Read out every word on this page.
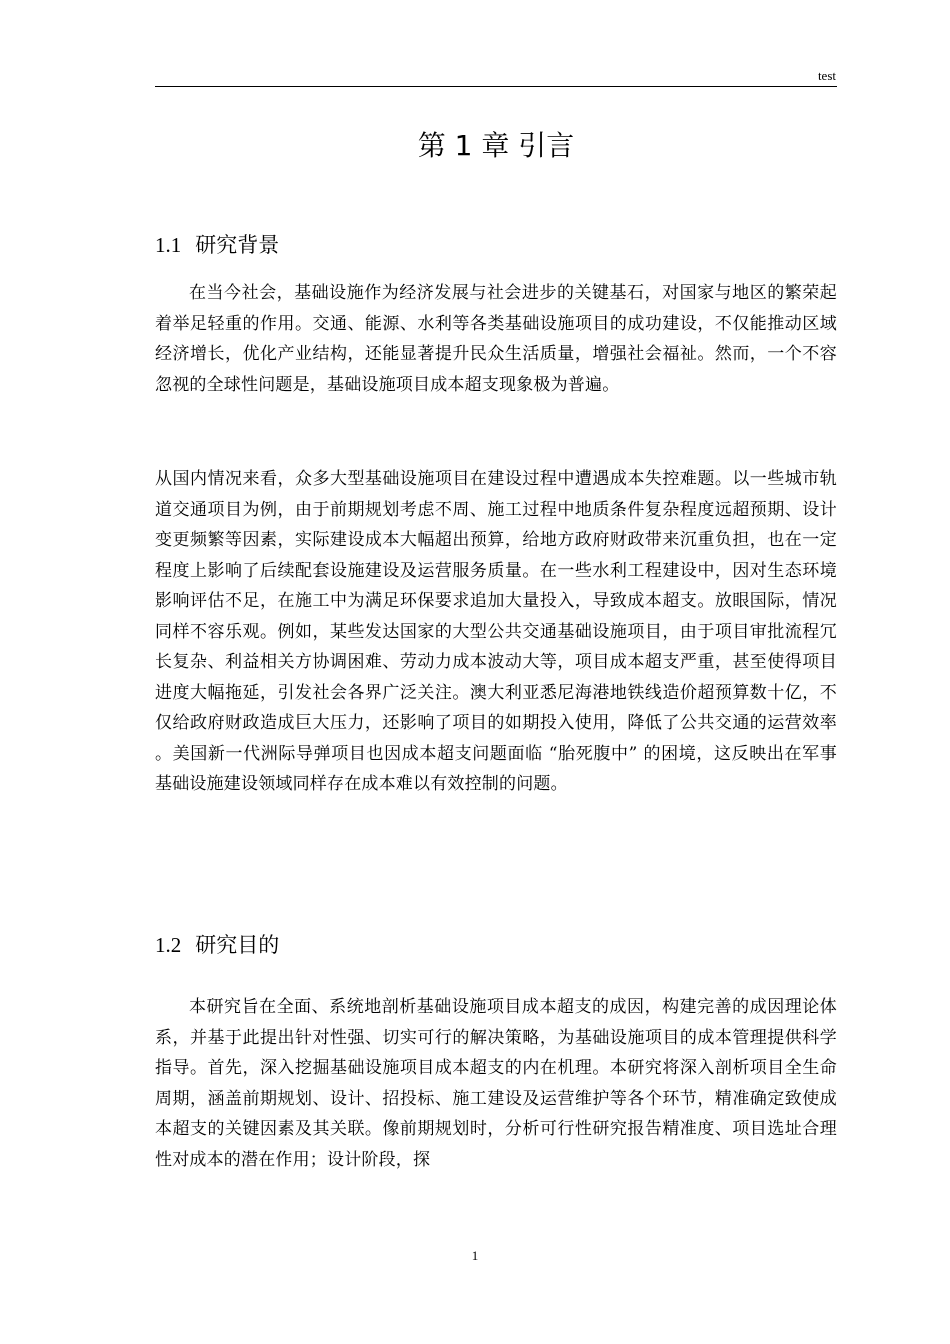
test
第 1 章 引言
1.1 研究背景

在当今社会，基础设施作为经济发展与社会进步的关键基石，对国家与地区的繁荣起着举足轻重的作用。交通、能源、水利等各类基础设施项目的成功建设，不仅能推动区域经济增长，优化产业结构，还能显著提升民众生活质量，增强社会福祉。然而，一个不容忽视的全球性问题是，基础设施项目成本超支现象极为普遍。

从国内情况来看，众多大型基础设施项目在建设过程中遭遇成本失控难题。以一些城市轨道交通项目为例，由于前期规划考虑不周、施工过程中地质条件复杂程度远超预期、设计变更频繁等因素，实际建设成本大幅超出预算，给地方政府财政带来沉重负担，也在一定程度上影响了后续配套设施建设及运营服务质量。在一些水利工程建设中，因对生态环境影响评估不足，在施工中为满足环保要求追加大量投入，导致成本超支。放眼国际，情况同样不容乐观。例如，某些发达国家的大型公共交通基础设施项目，由于项目审批流程冗长复杂、利益相关方协调困难、劳动力成本波动大等，项目成本超支严重，甚至使得项目进度大幅拖延，引发社会各界广泛关注。澳大利亚悉尼海港地铁线造价超预算数十亿，不仅给政府财政造成巨大压力，还影响了项目的如期投入使用，降低了公共交通的运营效率 。美国新一代洲际导弹项目也因成本超支问题面临 “胎死腹中” 的困境，这反映出在军事基础设施建设领域同样存在成本难以有效控制的问题。

1.2 研究目的

本研究旨在全面、系统地剖析基础设施项目成本超支的成因，构建完善的成因理论体系，并基于此提出针对性强、切实可行的解决策略，为基础设施项目的成本管理提供科学指导。首先，深入挖掘基础设施项目成本超支的内在机理。本研究将深入剖析项目全生命周期，涵盖前期规划、设计、招投标、施工建设及运营维护等各个环节，精准确定致使成本超支的关键因素及其关联。像前期规划时，分析可行性研究报告精准度、项目选址合理性对成本的潜在作用；设计阶段，探

1
